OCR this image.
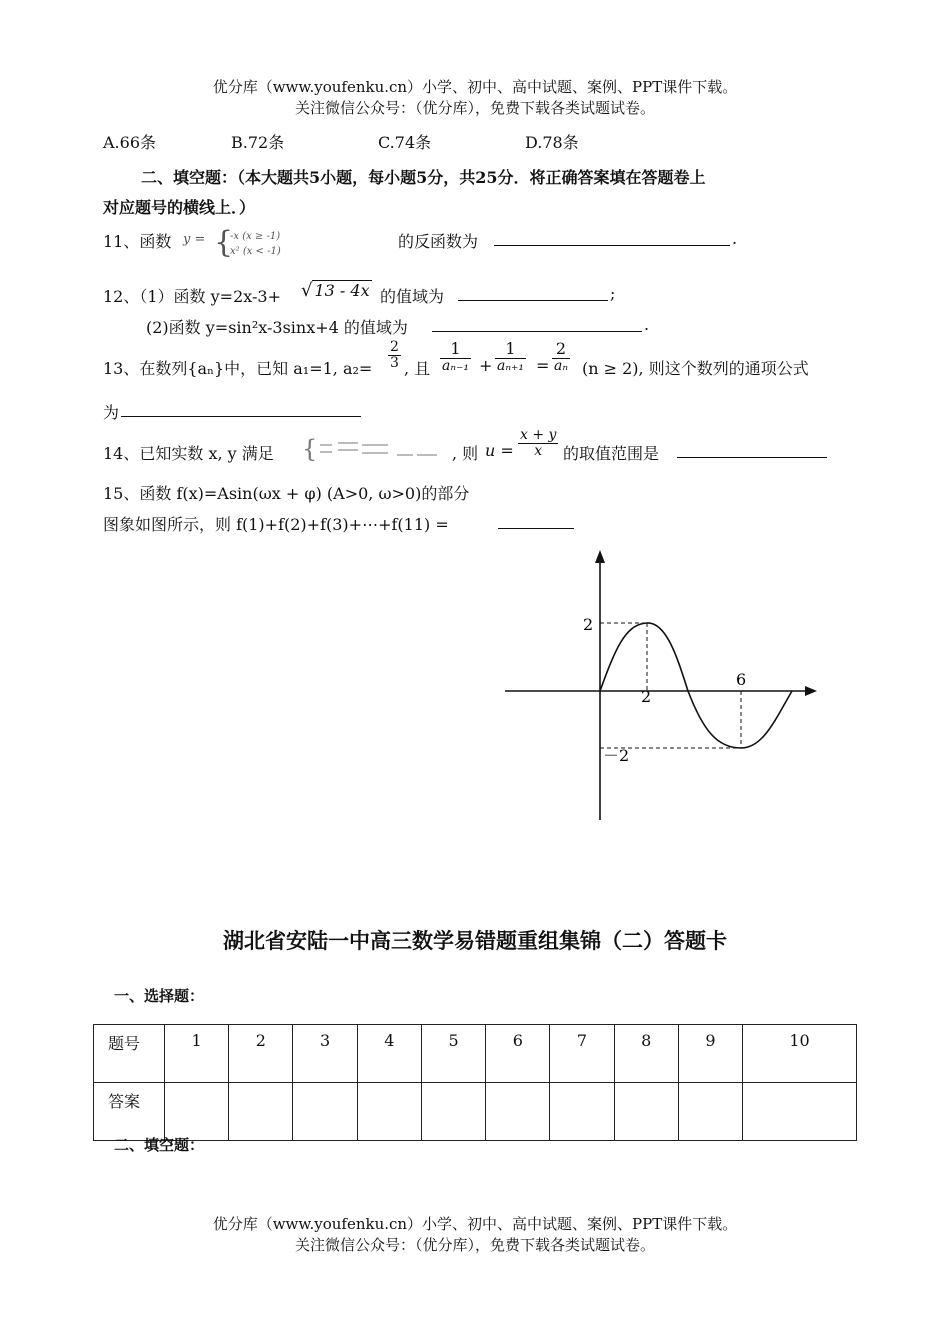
优分库（www.youfenku.cn）小学、初中、高中试题、案例、PPT课件下载。
关注微信公众号：（优分库），免费下载各类试题试卷。
A.66条	B.72条	C.74条	D.78条
二、填空题：（本大题共5小题，每小题5分，共25分．将正确答案填在答题卷上
对应题号的横线上．）
11、函数 y = {
-x (x ≥ -1)
x² (x < -1)
的反函数为	.
12、（1）函数 y=2x-3+ √ 13 - 4x 的值域为	;
(2)函数 y=sin²x-3sinx+4 的值域为	.
13、在数列{aₙ}中，已知 a₁=1, $a_2= \frac{2}{3}$ , 且 $\frac{1}{\text{aₙ₋₁}} + \frac{1}{\text{aₙ₊₁}} = \frac{2}{\text{aₙ}} (n \ge 2)$, 则这个数列的通项公式
为
14、已知实数 x, y 满足 {	, 则 $u = \frac{x + y}{x}$ 的取值范围是
15、函数 f(x)=Asin(ωx + φ) (A>0, ω>0)的部分
图象如图所示，则 f(1)+f(2)+f(3)+⋯+f(11) =
2
2
6
－2
湖北省安陆一中高三数学易错题重组集锦（二）答题卡
一、选择题：
题号	1	2	3	4	5	6	7	8	9	10
答案										
二、填空题：
优分库（www.youfenku.cn）小学、初中、高中试题、案例、PPT课件下载。
关注微信公众号：（优分库），免费下载各类试题试卷。
